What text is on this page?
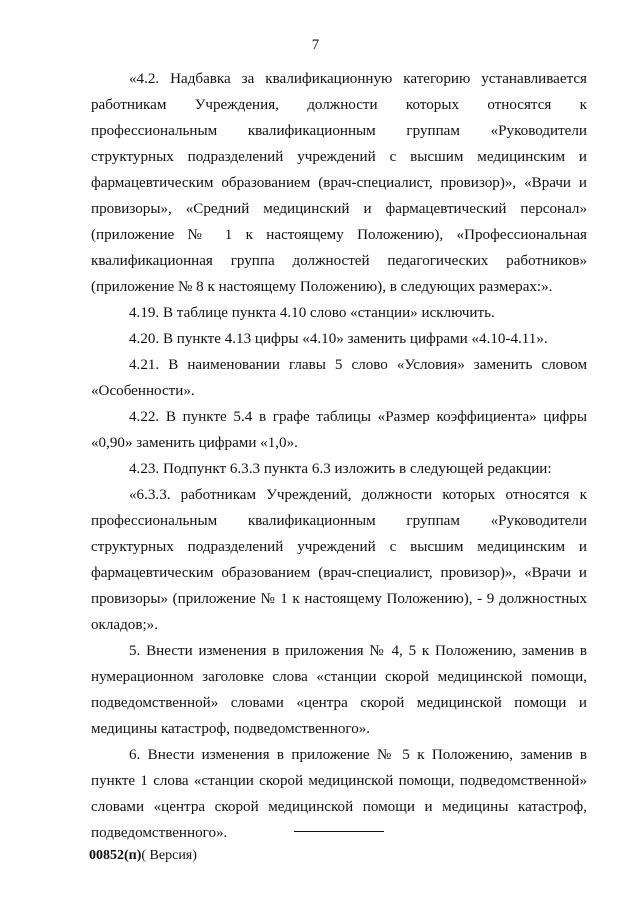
7

«4.2. Надбавка за квалификационную категорию устанавливается работникам Учреждения, должности которых относятся к профессиональным квалификационным группам «Руководители структурных подразделений учреждений с высшим медицинским и фармацевтическим образованием (врач-специалист, провизор)», «Врачи и провизоры», «Средний медицинский и фармацевтический персонал» (приложение № 1 к настоящему Положению), «Профессиональная квалификационная группа должностей педагогических работников» (приложение № 8 к настоящему Положению), в следующих размерах:».

4.19. В таблице пункта 4.10 слово «станции» исключить.

4.20. В пункте 4.13 цифры «4.10» заменить цифрами «4.10-4.11».

4.21. В наименовании главы 5 слово «Условия» заменить словом «Особенности».

4.22. В пункте 5.4 в графе таблицы «Размер коэффициента» цифры «0,90» заменить цифрами «1,0».

4.23. Подпункт 6.3.3 пункта 6.3 изложить в следующей редакции:

«6.3.3. работникам Учреждений, должности которых относятся к профессиональным квалификационным группам «Руководители структурных подразделений учреждений с высшим медицинским и фармацевтическим образованием (врач-специалист, провизор)», «Врачи и провизоры» (приложение № 1 к настоящему Положению), - 9 должностных окладов;».

5. Внести изменения в приложения № 4, 5 к Положению, заменив в нумерационном заголовке слова «станции скорой медицинской помощи, подведомственной» словами «центра скорой медицинской помощи и медицины катастроф, подведомственного».

6. Внести изменения в приложение № 5 к Положению, заменив в пункте 1 слова «станции скорой медицинской помощи, подведомственной» словами «центра скорой медицинской помощи и медицины катастроф, подведомственного».

00852(п)( Версия)
